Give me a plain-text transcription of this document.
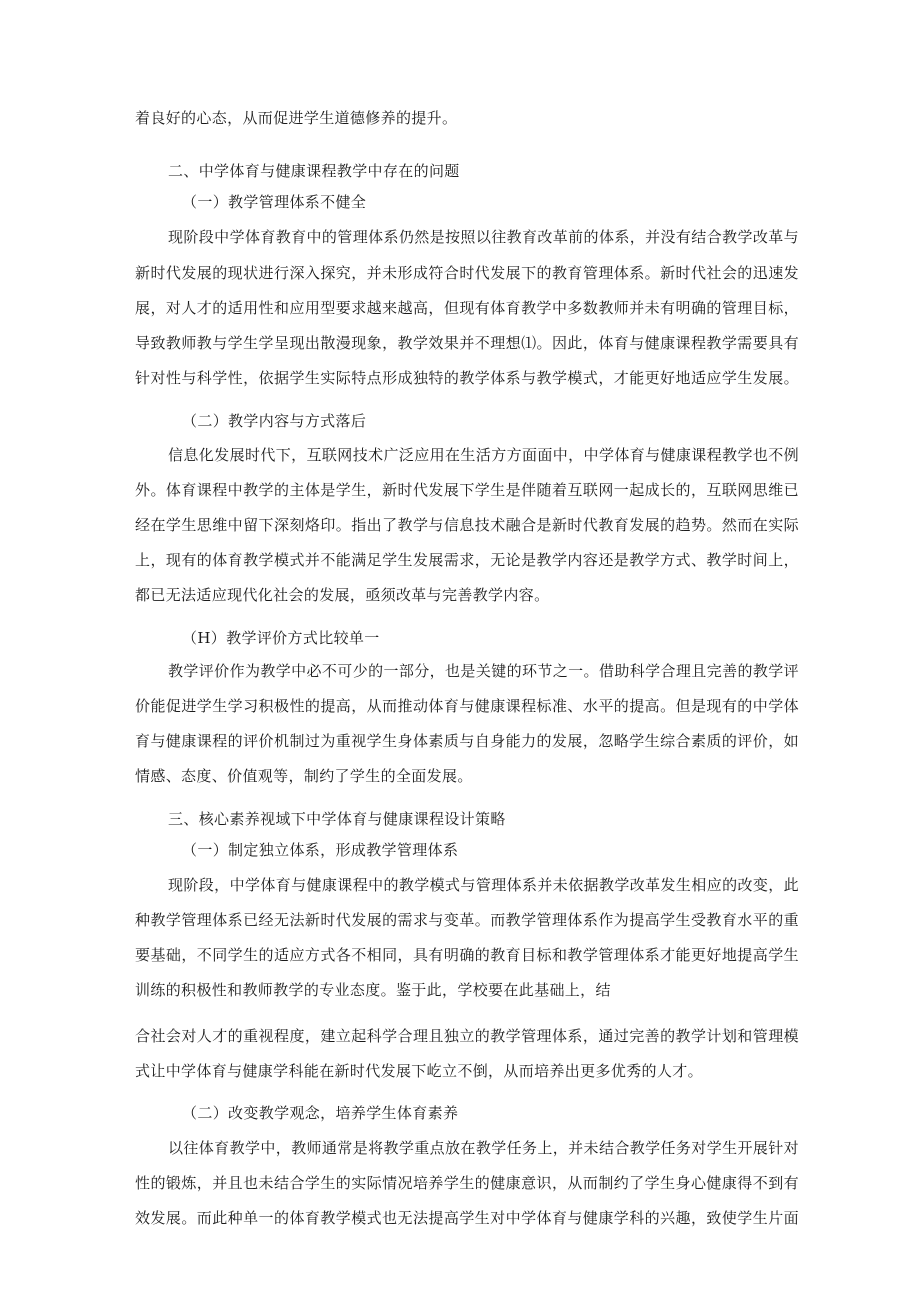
着良好的心态，从而促进学生道德修养的提升。
二、中学体育与健康课程教学中存在的问题
（一）教学管理体系不健全
现阶段中学体育教育中的管理体系仍然是按照以往教育改革前的体系，并没有结合教学改革与
新时代发展的现状进行深入探究，并未形成符合时代发展下的教育管理体系。新时代社会的迅速发
展，对人才的适用性和应用型要求越来越高，但现有体育教学中多数教师并未有明确的管理目标，
导致教师教与学生学呈现出散漫现象，教学效果并不理想⑴。因此，体育与健康课程教学需要具有
针对性与科学性，依据学生实际特点形成独特的教学体系与教学模式，才能更好地适应学生发展。
（二）教学内容与方式落后
信息化发展时代下，互联网技术广泛应用在生活方方面面中，中学体育与健康课程教学也不例
外。体育课程中教学的主体是学生，新时代发展下学生是伴随着互联网一起成长的，互联网思维已
经在学生思维中留下深刻烙印。指出了教学与信息技术融合是新时代教育发展的趋势。然而在实际
上，现有的体育教学模式并不能满足学生发展需求，无论是教学内容还是教学方式、教学时间上，
都已无法适应现代化社会的发展，亟须改革与完善教学内容。
（H）教学评价方式比较单一
教学评价作为教学中必不可少的一部分，也是关键的环节之一。借助科学合理且完善的教学评
价能促进学生学习积极性的提高，从而推动体育与健康课程标准、水平的提高。但是现有的中学体
育与健康课程的评价机制过为重视学生身体素质与自身能力的发展，忽略学生综合素质的评价，如
情感、态度、价值观等，制约了学生的全面发展。
三、核心素养视域下中学体育与健康课程设计策略
（一）制定独立体系，形成教学管理体系
现阶段，中学体育与健康课程中的教学模式与管理体系并未依据教学改革发生相应的改变，此
种教学管理体系已经无法新时代发展的需求与变革。而教学管理体系作为提高学生受教育水平的重
要基础，不同学生的适应方式各不相同，具有明确的教育目标和教学管理体系才能更好地提高学生
训练的积极性和教师教学的专业态度。鉴于此，学校要在此基础上，结
合社会对人才的重视程度，建立起科学合理且独立的教学管理体系，通过完善的教学计划和管理模
式让中学体育与健康学科能在新时代发展下屹立不倒，从而培养出更多优秀的人才。
（二）改变教学观念，培养学生体育素养
以往体育教学中，教师通常是将教学重点放在教学任务上，并未结合教学任务对学生开展针对
性的锻炼，并且也未结合学生的实际情况培养学生的健康意识，从而制约了学生身心健康得不到有
效发展。而此种单一的体育教学模式也无法提高学生对中学体育与健康学科的兴趣，致使学生片面
